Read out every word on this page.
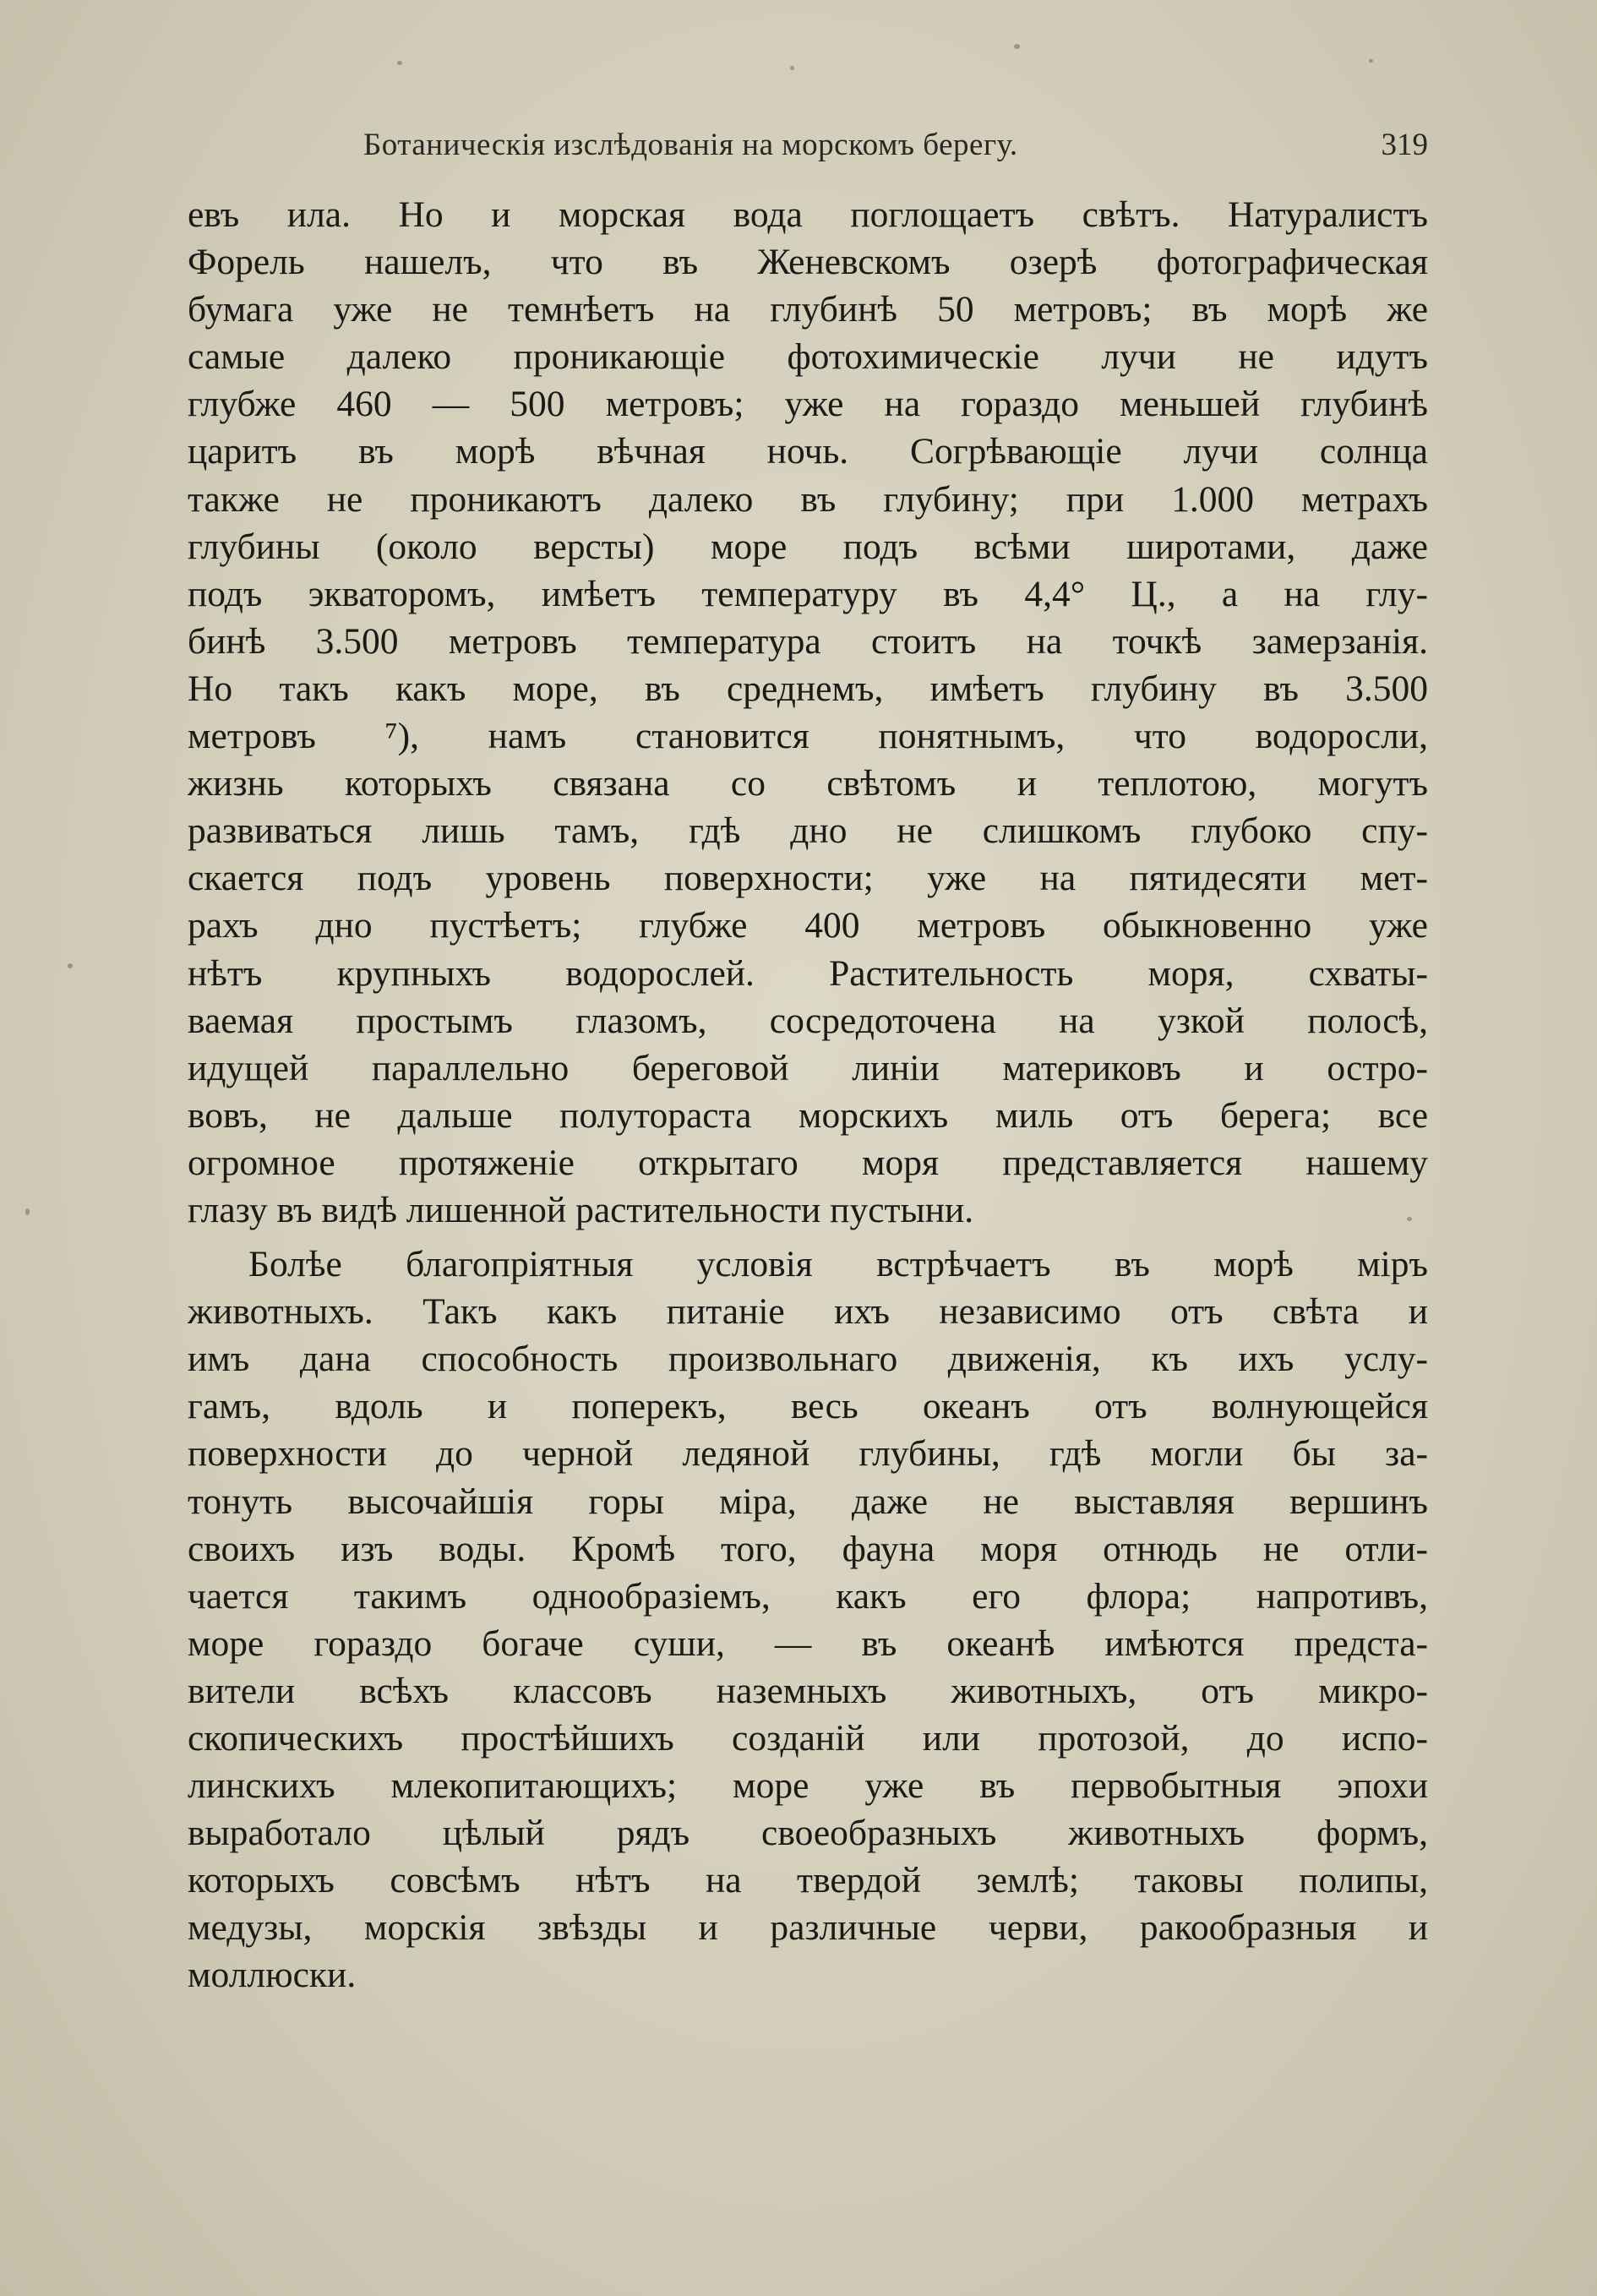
Ботаническія изслѣдованія на морскомъ берегу.	319
евъ ила. Но и морская вода поглощаетъ свѣтъ. Натуралистъ
Форель нашелъ, что въ Женевскомъ озерѣ фотографическая
бумага уже не темнѣетъ на глубинѣ 50 метровъ; въ морѣ же
самые далеко проникающіе фотохимическіе лучи не идутъ
глубже 460 — 500 метровъ; уже на гораздо меньшей глубинѣ
царитъ въ морѣ вѣчная ночь. Согрѣвающіе лучи солнца
также не проникаютъ далеко въ глубину; при 1.000 метрахъ
глубины (около версты) море подъ всѣми широтами, даже
подъ экваторомъ, имѣетъ температуру въ 4,4° Ц., а на глу-
бинѣ 3.500 метровъ температура стоитъ на точкѣ замерзанія.
Но такъ какъ море, въ среднемъ, имѣетъ глубину въ 3.500
метровъ ⁷), намъ становится понятнымъ, что водоросли,
жизнь которыхъ связана со свѣтомъ и теплотою, могутъ
развиваться лишь тамъ, гдѣ дно не слишкомъ глубоко спу-
скается подъ уровень поверхности; уже на пятидесяти мет-
рахъ дно пустѣетъ; глубже 400 метровъ обыкновенно уже
нѣтъ крупныхъ водорослей. Растительность моря, схваты-
ваемая простымъ глазомъ, сосредоточена на узкой полосѣ,
идущей параллельно береговой линіи материковъ и остро-
вовъ, не дальше полутораста морскихъ миль отъ берега; все
огромное протяженіе открытаго моря представляется нашему
глазу въ видѣ лишенной растительности пустыни.
Болѣе благопріятныя условія встрѣчаетъ въ морѣ міръ
животныхъ. Такъ какъ питаніе ихъ независимо отъ свѣта и
имъ дана способность произвольнаго движенія, къ ихъ услу-
гамъ, вдоль и поперекъ, весь океанъ отъ волнующейся
поверхности до черной ледяной глубины, гдѣ могли бы за-
тонуть высочайшія горы міра, даже не выставляя вершинъ
своихъ изъ воды. Кромѣ того, фауна моря отнюдь не отли-
чается такимъ однообразіемъ, какъ его флора; напротивъ,
море гораздо богаче суши, — въ океанѣ имѣются предста-
вители всѣхъ классовъ наземныхъ животныхъ, отъ микро-
скопическихъ простѣйшихъ созданій или протозой, до испо-
линскихъ млекопитающихъ; море уже въ первобытныя эпохи
выработало цѣлый рядъ своеобразныхъ животныхъ формъ,
которыхъ совсѣмъ нѣтъ на твердой землѣ; таковы полипы,
медузы, морскія звѣзды и различные черви, ракообразныя и
моллюски.
